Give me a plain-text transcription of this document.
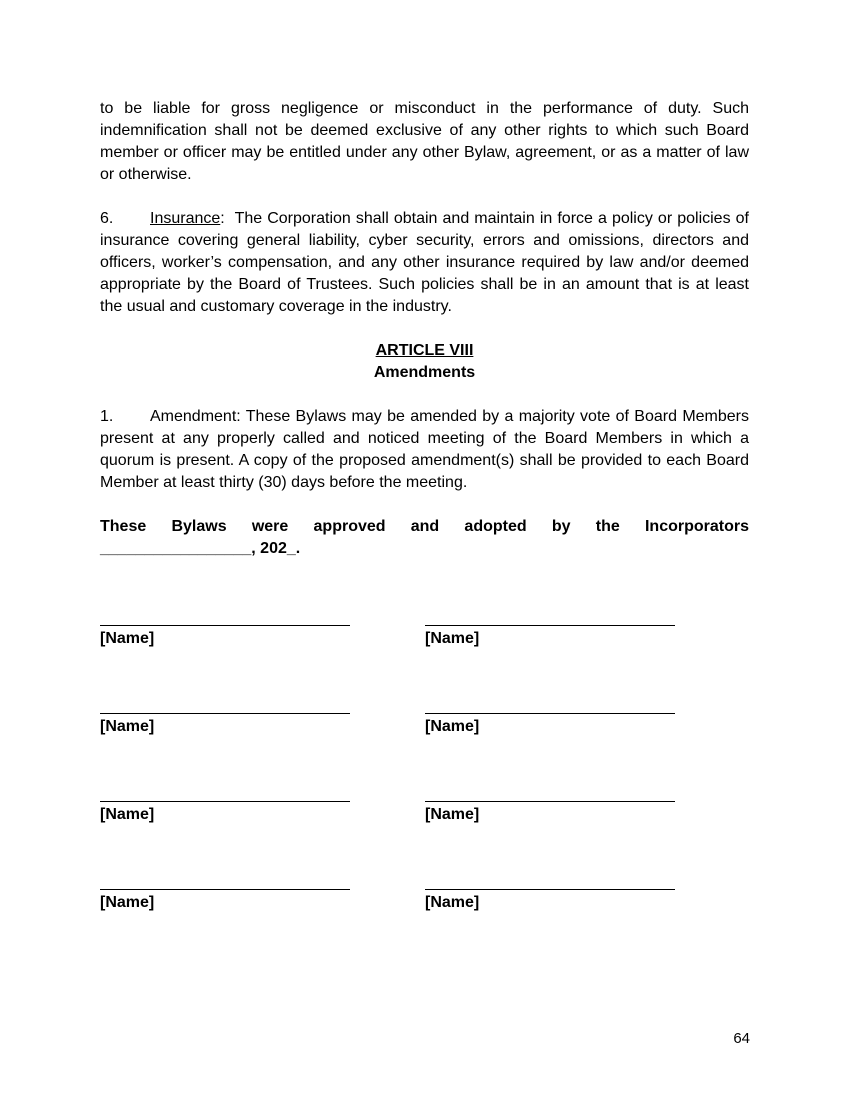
to be liable for gross negligence or misconduct in the performance of duty. Such indemnification shall not be deemed exclusive of any other rights to which such Board member or officer may be entitled under any other Bylaw, agreement, or as a matter of law or otherwise.

6. Insurance: The Corporation shall obtain and maintain in force a policy or policies of insurance covering general liability, cyber security, errors and omissions, directors and officers, worker’s compensation, and any other insurance required by law and/or deemed appropriate by the Board of Trustees. Such policies shall be in an amount that is at least the usual and customary coverage in the industry.

ARTICLE VIII
Amendments

1. Amendment: These Bylaws may be amended by a majority vote of Board Members present at any properly called and noticed meeting of the Board Members in which a quorum is present. A copy of the proposed amendment(s) shall be provided to each Board Member at least thirty (30) days before the meeting.

These Bylaws were approved and adopted by the Incorporators
_________________, 202_.
[Name]	[Name]
[Name]	[Name]
[Name]	[Name]
[Name]	[Name]
64
